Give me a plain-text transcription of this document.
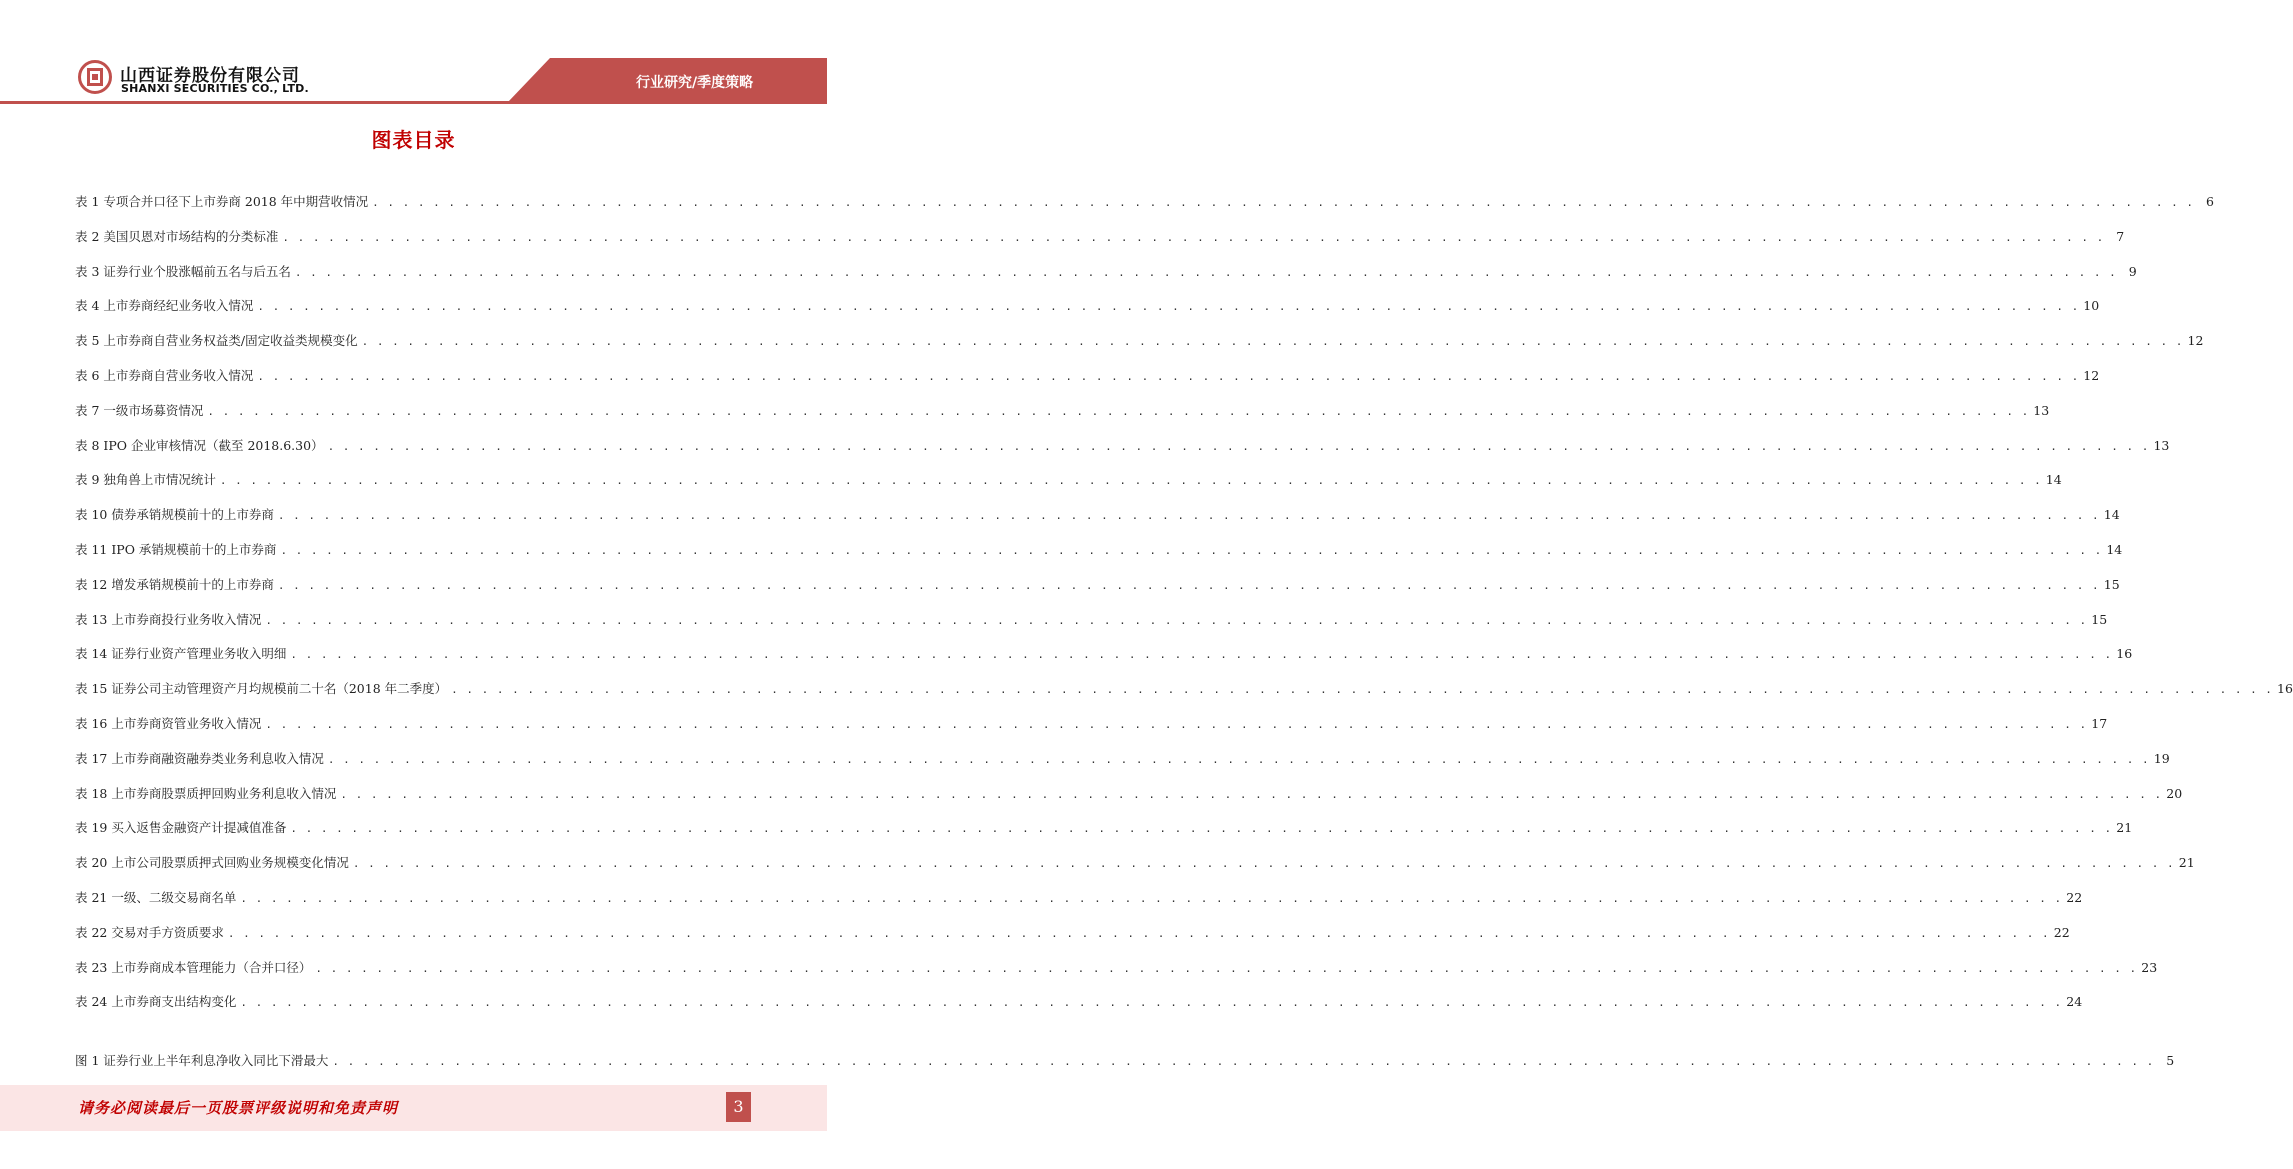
山西证券股份有限公司
SHANXI SECURITIES CO., LTD.	行业研究/季度策略
图表目录
表 1 专项合并口径下上市券商 2018 年中期营收情况 . . . . . . . . . . . . . . . . . . . . . . . . . . . . . . . . . . . . . . . . . . . . . . . . . . . . . . . . . . . . . . . . . . . . . . . . . . . . . . . . . . . . . . . . . . . . . . . . . . . . . . . . . . . . . . . . . . . . . . . . 6
表 2 美国贝恩对市场结构的分类标准 . . . . . . . . . . . . . . . . . . . . . . . . . . . . . . . . . . . . . . . . . . . . . . . . . . . . . . . . . . . . . . . . . . . . . . . . . . . . . . . . . . . . . . . . . . . . . . . . . . . . . . . . . . . . . . . . . . . . . . . . 7
表 3 证券行业个股涨幅前五名与后五名 . . . . . . . . . . . . . . . . . . . . . . . . . . . . . . . . . . . . . . . . . . . . . . . . . . . . . . . . . . . . . . . . . . . . . . . . . . . . . . . . . . . . . . . . . . . . . . . . . . . . . . . . . . . . . . . . . . . . . . . . 9
表 4 上市券商经纪业务收入情况 . . . . . . . . . . . . . . . . . . . . . . . . . . . . . . . . . . . . . . . . . . . . . . . . . . . . . . . . . . . . . . . . . . . . . . . . . . . . . . . . . . . . . . . . . . . . . . . . . . . . . . . . . . . . . . . . . . . . . . . . 10
表 5 上市券商自营业务权益类/固定收益类规模变化 . . . . . . . . . . . . . . . . . . . . . . . . . . . . . . . . . . . . . . . . . . . . . . . . . . . . . . . . . . . . . . . . . . . . . . . . . . . . . . . . . . . . . . . . . . . . . . . . . . . . . . . . . . . . . . . . . . . . . . . . 12
表 6 上市券商自营业务收入情况 . . . . . . . . . . . . . . . . . . . . . . . . . . . . . . . . . . . . . . . . . . . . . . . . . . . . . . . . . . . . . . . . . . . . . . . . . . . . . . . . . . . . . . . . . . . . . . . . . . . . . . . . . . . . . . . . . . . . . . . . 12
表 7 一级市场募资情况 . . . . . . . . . . . . . . . . . . . . . . . . . . . . . . . . . . . . . . . . . . . . . . . . . . . . . . . . . . . . . . . . . . . . . . . . . . . . . . . . . . . . . . . . . . . . . . . . . . . . . . . . . . . . . . . . . . . . . . . . 13
表 8 IPO 企业审核情况（截至 2018.6.30） . . . . . . . . . . . . . . . . . . . . . . . . . . . . . . . . . . . . . . . . . . . . . . . . . . . . . . . . . . . . . . . . . . . . . . . . . . . . . . . . . . . . . . . . . . . . . . . . . . . . . . . . . . . . . . . . . . . . . . . . 13
表 9 独角兽上市情况统计 . . . . . . . . . . . . . . . . . . . . . . . . . . . . . . . . . . . . . . . . . . . . . . . . . . . . . . . . . . . . . . . . . . . . . . . . . . . . . . . . . . . . . . . . . . . . . . . . . . . . . . . . . . . . . . . . . . . . . . . . 14
表 10 债券承销规模前十的上市券商 . . . . . . . . . . . . . . . . . . . . . . . . . . . . . . . . . . . . . . . . . . . . . . . . . . . . . . . . . . . . . . . . . . . . . . . . . . . . . . . . . . . . . . . . . . . . . . . . . . . . . . . . . . . . . . . . . . . . . . . . 14
表 11 IPO 承销规模前十的上市券商 . . . . . . . . . . . . . . . . . . . . . . . . . . . . . . . . . . . . . . . . . . . . . . . . . . . . . . . . . . . . . . . . . . . . . . . . . . . . . . . . . . . . . . . . . . . . . . . . . . . . . . . . . . . . . . . . . . . . . . . . 14
表 12 增发承销规模前十的上市券商 . . . . . . . . . . . . . . . . . . . . . . . . . . . . . . . . . . . . . . . . . . . . . . . . . . . . . . . . . . . . . . . . . . . . . . . . . . . . . . . . . . . . . . . . . . . . . . . . . . . . . . . . . . . . . . . . . . . . . . . . 15
表 13 上市券商投行业务收入情况 . . . . . . . . . . . . . . . . . . . . . . . . . . . . . . . . . . . . . . . . . . . . . . . . . . . . . . . . . . . . . . . . . . . . . . . . . . . . . . . . . . . . . . . . . . . . . . . . . . . . . . . . . . . . . . . . . . . . . . . . 15
表 14 证券行业资产管理业务收入明细 . . . . . . . . . . . . . . . . . . . . . . . . . . . . . . . . . . . . . . . . . . . . . . . . . . . . . . . . . . . . . . . . . . . . . . . . . . . . . . . . . . . . . . . . . . . . . . . . . . . . . . . . . . . . . . . . . . . . . . . . 16
表 15 证券公司主动管理资产月均规模前二十名（2018 年二季度） . . . . . . . . . . . . . . . . . . . . . . . . . . . . . . . . . . . . . . . . . . . . . . . . . . . . . . . . . . . . . . . . . . . . . . . . . . . . . . . . . . . . . . . . . . . . . . . . . . . . . . . . . . . . . . . . . . . . . . . . 16
表 16 上市券商资管业务收入情况 . . . . . . . . . . . . . . . . . . . . . . . . . . . . . . . . . . . . . . . . . . . . . . . . . . . . . . . . . . . . . . . . . . . . . . . . . . . . . . . . . . . . . . . . . . . . . . . . . . . . . . . . . . . . . . . . . . . . . . . . 17
表 17 上市券商融资融券类业务利息收入情况 . . . . . . . . . . . . . . . . . . . . . . . . . . . . . . . . . . . . . . . . . . . . . . . . . . . . . . . . . . . . . . . . . . . . . . . . . . . . . . . . . . . . . . . . . . . . . . . . . . . . . . . . . . . . . . . . . . . . . . . . 19
表 18 上市券商股票质押回购业务利息收入情况 . . . . . . . . . . . . . . . . . . . . . . . . . . . . . . . . . . . . . . . . . . . . . . . . . . . . . . . . . . . . . . . . . . . . . . . . . . . . . . . . . . . . . . . . . . . . . . . . . . . . . . . . . . . . . . . . . . . . . . . . 20
表 19 买入返售金融资产计提减值准备 . . . . . . . . . . . . . . . . . . . . . . . . . . . . . . . . . . . . . . . . . . . . . . . . . . . . . . . . . . . . . . . . . . . . . . . . . . . . . . . . . . . . . . . . . . . . . . . . . . . . . . . . . . . . . . . . . . . . . . . . 21
表 20 上市公司股票质押式回购业务规模变化情况 . . . . . . . . . . . . . . . . . . . . . . . . . . . . . . . . . . . . . . . . . . . . . . . . . . . . . . . . . . . . . . . . . . . . . . . . . . . . . . . . . . . . . . . . . . . . . . . . . . . . . . . . . . . . . . . . . . . . . . . . 21
表 21 一级、二级交易商名单 . . . . . . . . . . . . . . . . . . . . . . . . . . . . . . . . . . . . . . . . . . . . . . . . . . . . . . . . . . . . . . . . . . . . . . . . . . . . . . . . . . . . . . . . . . . . . . . . . . . . . . . . . . . . . . . . . . . . . . . . 22
表 22 交易对手方资质要求 . . . . . . . . . . . . . . . . . . . . . . . . . . . . . . . . . . . . . . . . . . . . . . . . . . . . . . . . . . . . . . . . . . . . . . . . . . . . . . . . . . . . . . . . . . . . . . . . . . . . . . . . . . . . . . . . . . . . . . . . 22
表 23 上市券商成本管理能力（合并口径） . . . . . . . . . . . . . . . . . . . . . . . . . . . . . . . . . . . . . . . . . . . . . . . . . . . . . . . . . . . . . . . . . . . . . . . . . . . . . . . . . . . . . . . . . . . . . . . . . . . . . . . . . . . . . . . . . . . . . . . . 23
表 24 上市券商支出结构变化 . . . . . . . . . . . . . . . . . . . . . . . . . . . . . . . . . . . . . . . . . . . . . . . . . . . . . . . . . . . . . . . . . . . . . . . . . . . . . . . . . . . . . . . . . . . . . . . . . . . . . . . . . . . . . . . . . . . . . . . . 24
图 1 证券行业上半年利息净收入同比下滑最大 . . . . . . . . . . . . . . . . . . . . . . . . . . . . . . . . . . . . . . . . . . . . . . . . . . . . . . . . . . . . . . . . . . . . . . . . . . . . . . . . . . . . . . . . . . . . . . . . . . . . . . . . . . . . . . . . . . . . . . . . 5
请务必阅读最后一页股票评级说明和免责声明	3
